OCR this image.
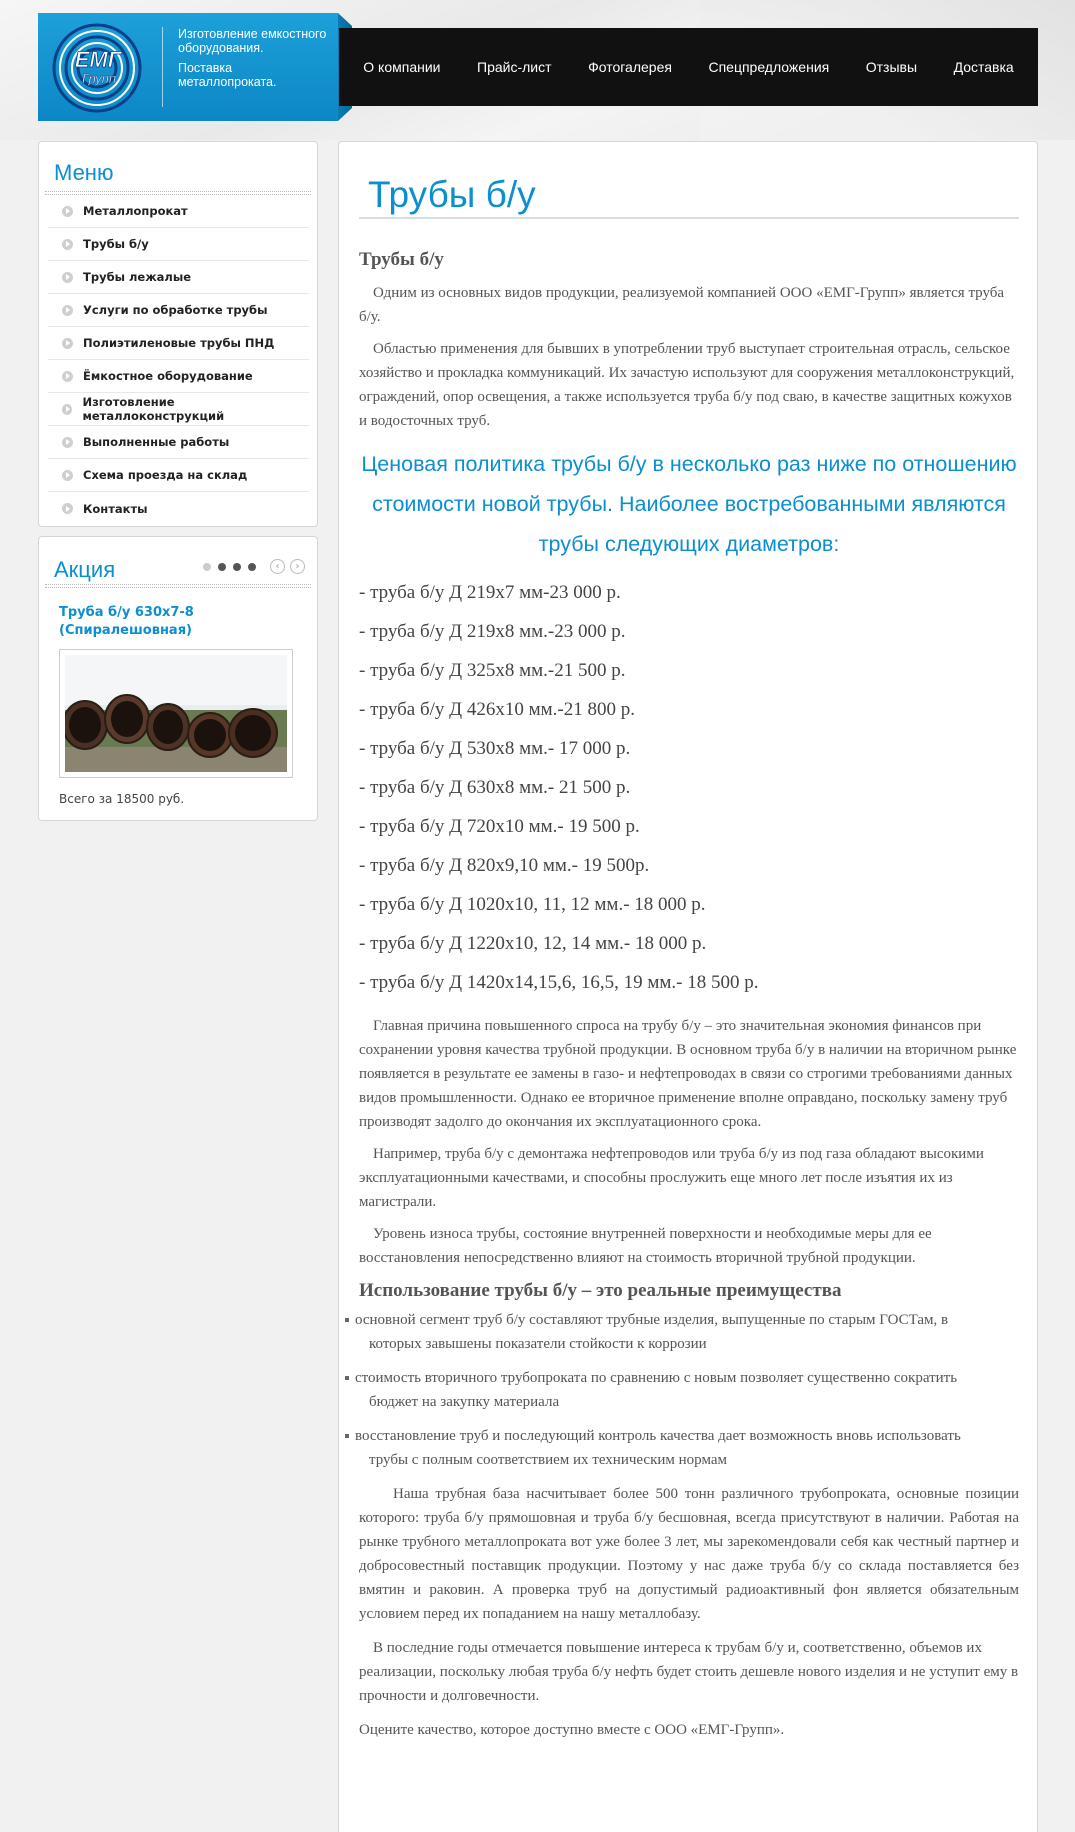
ЕМГ
Групп

Изготовление емкостного оборудования.

Поставка металлопроката.

О компании	Прайс-лист	Фотогалерея	Спецпредложения	Отзывы	Доставка
Меню
Металлопрокат
Трубы б/у
Трубы лежалые
Услуги по обработке трубы
Полиэтиленовые трубы ПНД
Ёмкостное оборудование
Изготовление металлоконструкций
Выполненные работы
Схема проезда на склад
Контакты
Акция	‹	›
Труба б/у 630х7-8 (Спиралешовная)
Всего за 18500 руб.
Трубы б/у
Трубы б/у

Одним из основных видов продукции, реализуемой компанией ООО «ЕМГ-Групп» является труба б/у.

Областью применения для бывших в употреблении труб выступает строительная отрасль, сельское хозяйство и прокладка коммуникаций. Их зачастую используют для сооружения металлоконструкций, ограждений, опор освещения, а также используется труба б/у под сваю, в качестве защитных кожухов и водосточных труб.

Ценовая политика трубы б/у в несколько раз ниже по отношению стоимости новой трубы. Наиболее востребованными являются трубы следующих диаметров:
- труба б/у Д 219х7 мм-23 000 р.
- труба б/у Д 219х8 мм.-23 000 р.
- труба б/у Д 325х8 мм.-21 500 р.
- труба б/у Д 426х10 мм.-21 800 р.
- труба б/у Д 530х8 мм.- 17 000 р.
- труба б/у Д 630х8 мм.- 21 500 р.
- труба б/у Д 720х10 мм.- 19 500 р.
- труба б/у Д 820х9,10 мм.- 19 500р.
- труба б/у Д 1020х10, 11, 12 мм.- 18 000 р.
- труба б/у Д 1220х10, 12, 14 мм.- 18 000 р.
- труба б/у Д 1420х14,15,6, 16,5, 19 мм.- 18 500 р.

Главная причина повышенного спроса на трубу б/у – это значительная экономия финансов при сохранении уровня качества трубной продукции. В основном труба б/у в наличии на вторичном рынке появляется в результате ее замены в газо- и нефтепроводах в связи со строгими требованиями данных видов промышленности. Однако ее вторичное применение вполне оправдано, поскольку замену труб производят задолго до окончания их эксплуатационного срока.

Например, труба б/у с демонтажа нефтепроводов или труба б/у из под газа обладают высокими эксплуатационными качествами, и способны прослужить еще много лет после изъятия их из магистрали.

Уровень износа трубы, состояние внутренней поверхности и необходимые меры для ее восстановления непосредственно влияют на стоимость вторичной трубной продукции.

Использование трубы б/у – это реальные преимущества
основной сегмент труб б/у составляют трубные изделия, выпущенные по старым ГОСТам, в
которых завышены показатели стойкости к коррозии
стоимость вторичного трубопроката по сравнению с новым позволяет существенно сократить
бюджет на закупку материала
восстановление труб и последующий контроль качества дает возможность вновь использовать
трубы с полным соответствием их техническим нормам

Наша трубная база насчитывает более 500 тонн различного трубопроката, основные позиции которого: труба б/у прямошовная и труба б/у бесшовная, всегда присутствуют в наличии. Работая на рынке трубного металлопроката вот уже более 3 лет, мы зарекомендовали себя как честный партнер и добросовестный поставщик продукции. Поэтому у нас даже труба б/у со склада поставляется без вмятин и раковин. А проверка труб на допустимый радиоактивный фон является обязательным условием перед их попаданием на нашу металлобазу.

В последние годы отмечается повышение интереса к трубам б/у и, соответственно, объемов их реализации, поскольку любая труба б/у нефть будет стоить дешевле нового изделия и не уступит ему в прочности и долговечности.

Оцените качество, которое доступно вместе с ООО «ЕМГ-Групп».
